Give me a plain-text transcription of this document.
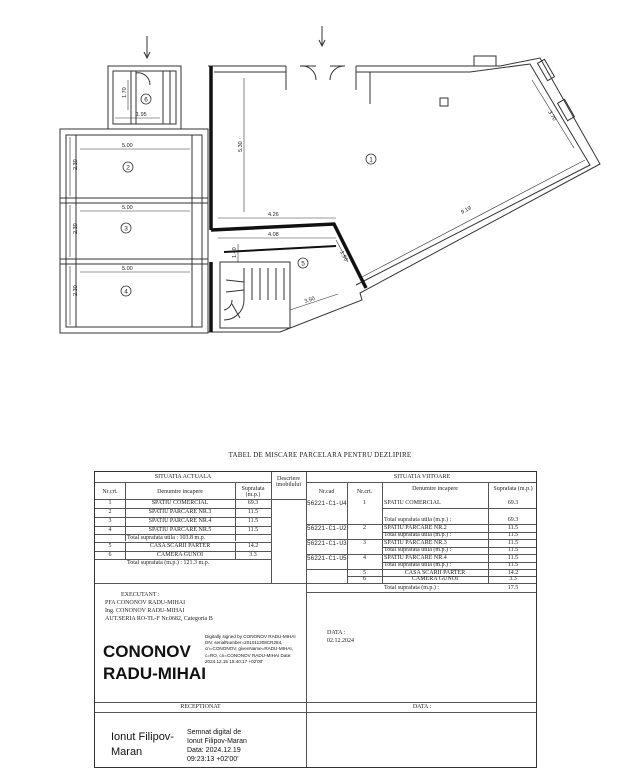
6
2
3
4
1
5
1.70
1.95
5.00
5.00
5.00
2.30
2.30
2.30
5.30
4.26
4.08
1.40	1.96
3.50
3.70
9.19
TABEL DE MISCARE PARCELARA PENTRU DEZLIPIRE
SITUATIA ACTUALA
Nr.crt.	Denumire incapere	Suprafata (m.p.)
Descriere imobilului
1	SPATIU COMERCIAL	69.3
2	SPATIU PARCARE NR.3	11.5
3	SPATIU PARCARE NR.4	11.5
4	SPATIU PARCARE NR.5	11.5
Total suprafata utila : 103.8 m.p.
5	CASA SCARII PARTER	14.2
6	CAMERA GUNOI	3.3
Total suprafata (m.p.) : 121.3 m.p.
SITUATIA VIITOARE
Nr.cad	Nr.crt.	Denumire incapere	Suprafata (m.p.)
56221-C1-U4	1	SPATIU COMERCIAL	69.3
Total suprafata utila (m.p.) :	69.3
56221-C1-U2	2	SPATIU PARCARE NR.2	11.5
Total suprafata utila (m.p.) :	11.5
56221-C1-U3	3	SPATIU PARCARE NR.3	11.5
Total suprafata utila (m.p.) :	11.5
56221-C1-U5	4	SPATIU PARCARE NR.4	11.5
Total suprafata utila (m.p.) :	11.5
5	CASA SCARII PARTER	14.2
6	CAMERA GUNOI	3.3
Total suprafata (m.p.) :	17.5
EXECUTANT :
PFA CONONOV RADU-MIHAI
Ing. CONONOV RADU-MIHAI
AUT.SERIA RO-TL-F Nr.0682, Categoria B
CONONOV
RADU-MIHAI
Digitally signed by CONONOV RADU-MIHAI DN: serialNumber=201011308CR284, cn=CONONOV, givenName=RADU-MIHAI, c=RO, cn=CONONOV RADU-MIHAI Date: 2024.12.15 15:40:17 +02'00'
DATA :
02.12.2024
RECEPTIONAT	DATA :
Ionut Filipov-
Maran
Semnat digital de
Ionut Filipov-Maran
Data: 2024.12.19
09:23:13 +02'00'
